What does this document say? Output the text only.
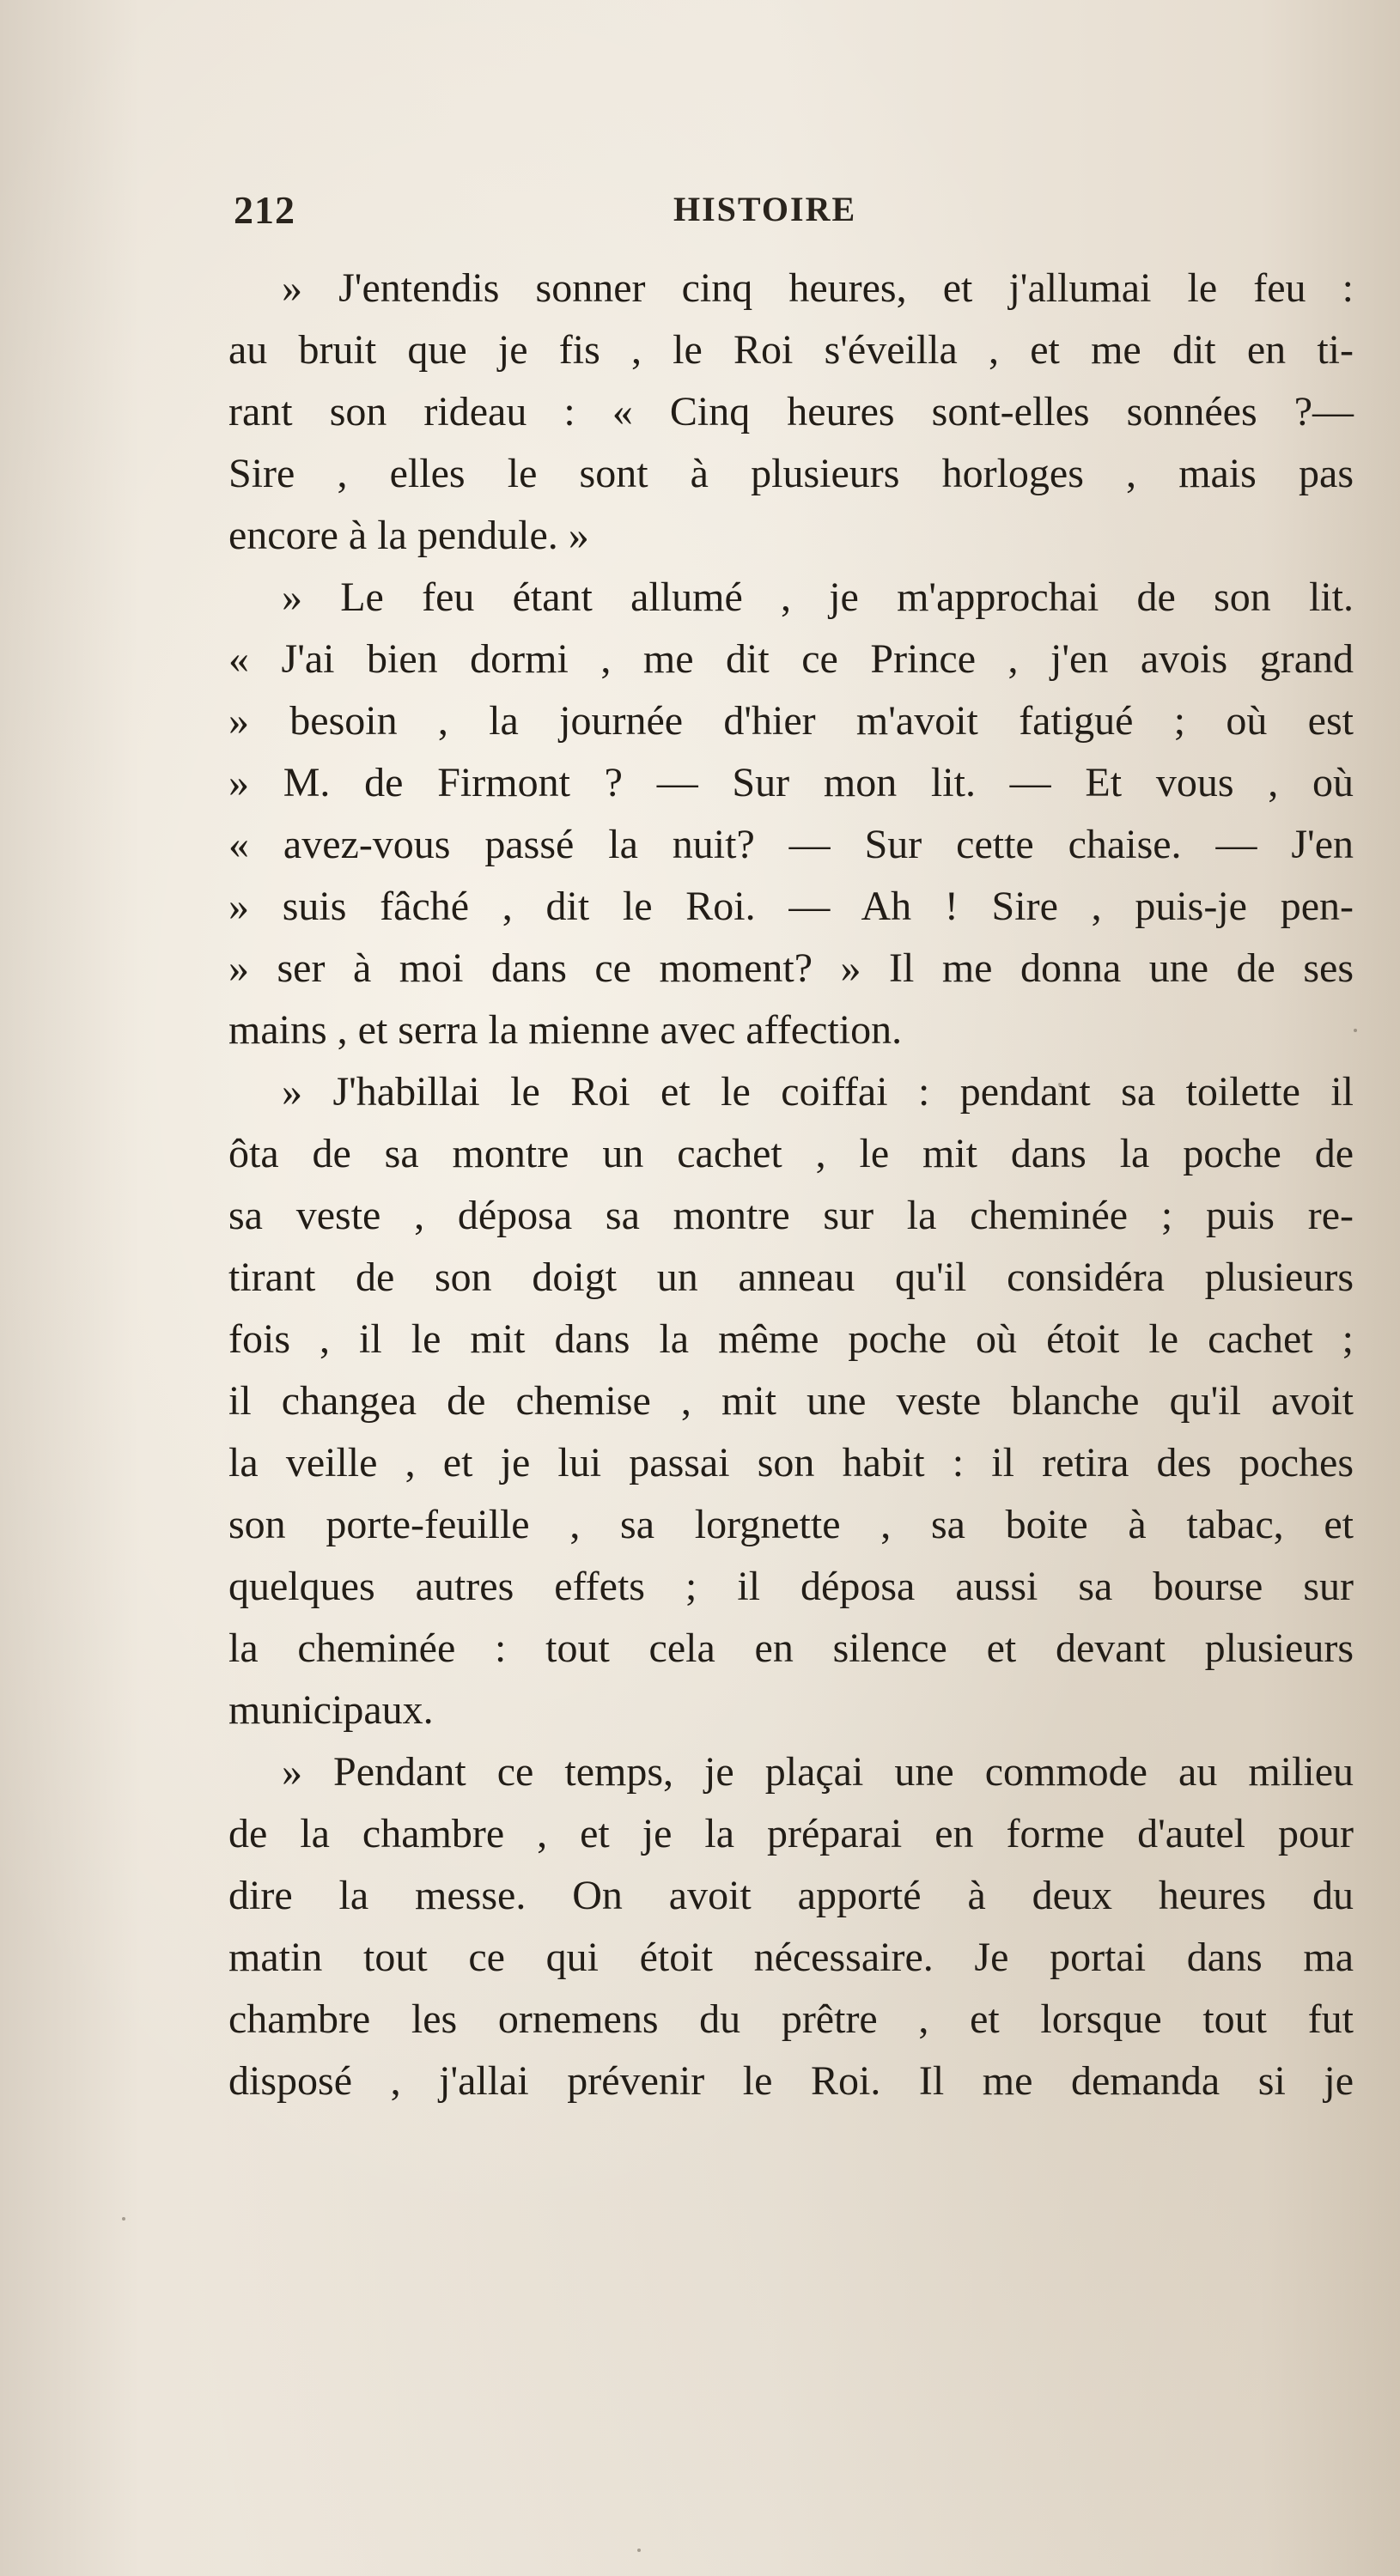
212	HISTOIRE
» J'entendis sonner cinq heures, et j'allumai le feu :
au bruit que je fis , le Roi s'éveilla , et me dit en ti-
rant son rideau : « Cinq heures sont-elles sonnées ?—
Sire , elles le sont à plusieurs horloges , mais pas
encore à la pendule. »
» Le feu étant allumé , je m'approchai de son lit.
« J'ai bien dormi , me dit ce Prince , j'en avois grand
» besoin , la journée d'hier m'avoit fatigué ; où est
» M. de Firmont ? — Sur mon lit. — Et vous , où
« avez-vous passé la nuit? — Sur cette chaise. — J'en
» suis fâché , dit le Roi. — Ah ! Sire , puis-je pen-
» ser à moi dans ce moment? » Il me donna une de ses
mains , et serra la mienne avec affection.
» J'habillai le Roi et le coiffai : pendant sa toilette il
ôta de sa montre un cachet , le mit dans la poche de
sa veste , déposa sa montre sur la cheminée ; puis re-
tirant de son doigt un anneau qu'il considéra plusieurs
fois , il le mit dans la même poche où étoit le cachet ;
il changea de chemise , mit une veste blanche qu'il avoit
la veille , et je lui passai son habit : il retira des poches
son porte-feuille , sa lorgnette , sa boite à tabac, et
quelques autres effets ; il déposa aussi sa bourse sur
la cheminée : tout cela en silence et devant plusieurs
municipaux.
» Pendant ce temps, je plaçai une commode au milieu
de la chambre , et je la préparai en forme d'autel pour
dire la messe. On avoit apporté à deux heures du
matin tout ce qui étoit nécessaire. Je portai dans ma
chambre les ornemens du prêtre , et lorsque tout fut
disposé , j'allai prévenir le Roi. Il me demanda si je
